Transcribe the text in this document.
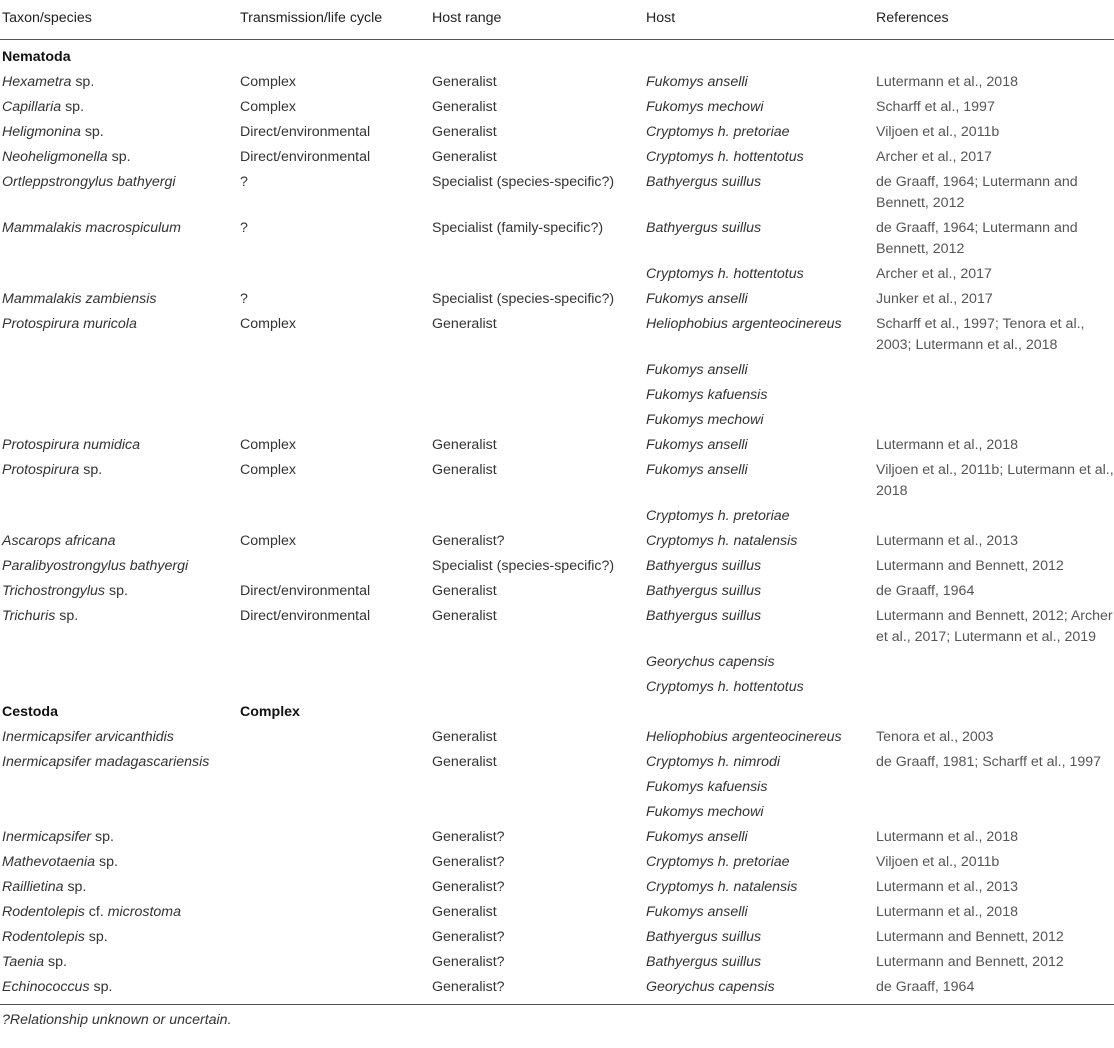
Taxon/species	Transmission/life cycle	Host range	Host	References
Nematoda				
Hexametra sp.	Complex	Generalist	Fukomys anselli	Lutermann et al., 2018
Capillaria sp.	Complex	Generalist	Fukomys mechowi	Scharff et al., 1997
Heligmonina sp.	Direct/environmental	Generalist	Cryptomys h. pretoriae	Viljoen et al., 2011b
Neoheligmonella sp.	Direct/environmental	Generalist	Cryptomys h. hottentotus	Archer et al., 2017
Ortleppstrongylus bathyergi	?	Specialist (species-specific?)	Bathyergus suillus	de Graaff, 1964; Lutermann and Bennett, 2012
Mammalakis macrospiculum	?	Specialist (family-specific?)	Bathyergus suillus	de Graaff, 1964; Lutermann and Bennett, 2012
			Cryptomys h. hottentotus	Archer et al., 2017
Mammalakis zambiensis	?	Specialist (species-specific?)	Fukomys anselli	Junker et al., 2017
Protospirura muricola	Complex	Generalist	Heliophobius argenteocinereus	Scharff et al., 1997; Tenora et al., 2003; Lutermann et al., 2018
			Fukomys anselli	
			Fukomys kafuensis	
			Fukomys mechowi	
Protospirura numidica	Complex	Generalist	Fukomys anselli	Lutermann et al., 2018
Protospirura sp.	Complex	Generalist	Fukomys anselli	Viljoen et al., 2011b; Lutermann et al., 2018
			Cryptomys h. pretoriae	
Ascarops africana	Complex	Generalist?	Cryptomys h. natalensis	Lutermann et al., 2013
Paralibyostrongylus bathyergi		Specialist (species-specific?)	Bathyergus suillus	Lutermann and Bennett, 2012
Trichostrongylus sp.	Direct/environmental	Generalist	Bathyergus suillus	de Graaff, 1964
Trichuris sp.	Direct/environmental	Generalist	Bathyergus suillus	Lutermann and Bennett, 2012; Archer et al., 2017; Lutermann et al., 2019
			Georychus capensis	
			Cryptomys h. hottentotus	
Cestoda	Complex			
Inermicapsifer arvicanthidis		Generalist	Heliophobius argenteocinereus	Tenora et al., 2003
Inermicapsifer madagascariensis		Generalist	Cryptomys h. nimrodi	de Graaff, 1981; Scharff et al., 1997
			Fukomys kafuensis	
			Fukomys mechowi	
Inermicapsifer sp.		Generalist?	Fukomys anselli	Lutermann et al., 2018
Mathevotaenia sp.		Generalist?	Cryptomys h. pretoriae	Viljoen et al., 2011b
Raillietina sp.		Generalist?	Cryptomys h. natalensis	Lutermann et al., 2013
Rodentolepis cf. microstoma		Generalist	Fukomys anselli	Lutermann et al., 2018
Rodentolepis sp.		Generalist?	Bathyergus suillus	Lutermann and Bennett, 2012
Taenia sp.		Generalist?	Bathyergus suillus	Lutermann and Bennett, 2012
Echinococcus sp.		Generalist?	Georychus capensis	de Graaff, 1964
?Relationship unknown or uncertain.
